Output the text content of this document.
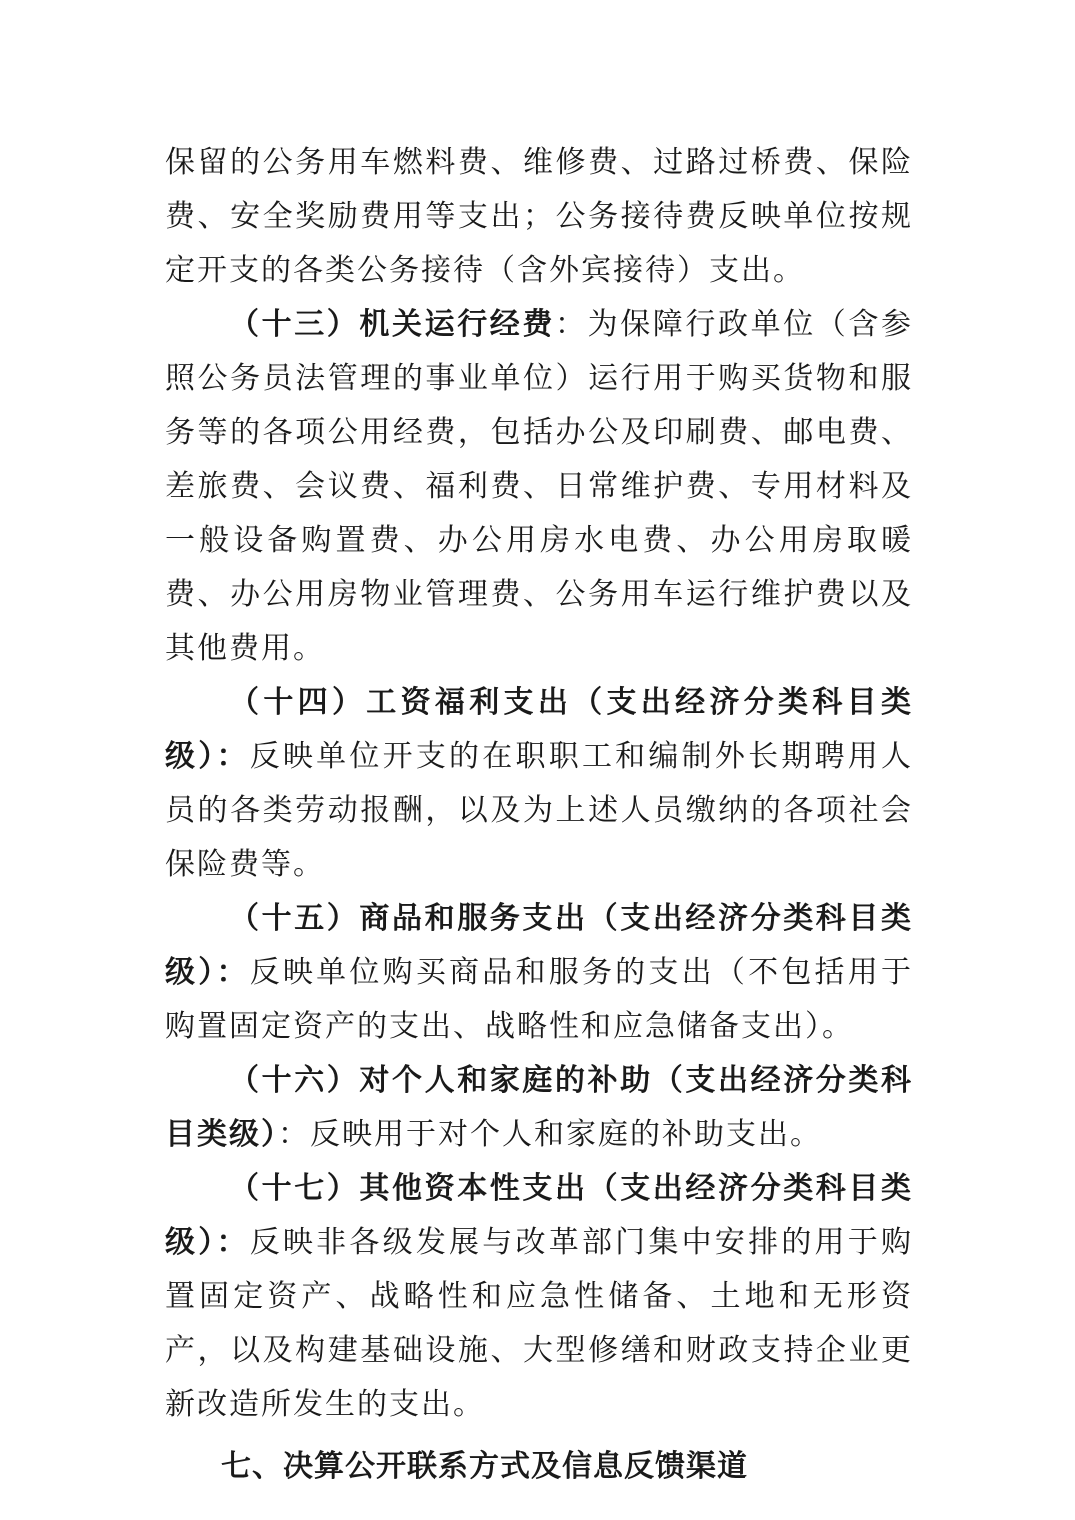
保留的公务用车燃料费、维修费、过路过桥费、保险费、安全奖励费用等支出；公务接待费反映单位按规定开支的各类公务接待（含外宾接待）支出。

（十三）机关运行经费：为保障行政单位（含参照公务员法管理的事业单位）运行用于购买货物和服务等的各项公用经费，包括办公及印刷费、邮电费、差旅费、会议费、福利费、日常维护费、专用材料及一般设备购置费、办公用房水电费、办公用房取暖费、办公用房物业管理费、公务用车运行维护费以及其他费用。

（十四）工资福利支出（支出经济分类科目类级）：反映单位开支的在职职工和编制外长期聘用人员的各类劳动报酬，以及为上述人员缴纳的各项社会保险费等。

（十五）商品和服务支出（支出经济分类科目类级）：反映单位购买商品和服务的支出（不包括用于购置固定资产的支出、战略性和应急储备支出）。

（十六）对个人和家庭的补助（支出经济分类科目类级）：反映用于对个人和家庭的补助支出。

（十七）其他资本性支出（支出经济分类科目类级）：反映非各级发展与改革部门集中安排的用于购置固定资产、战略性和应急性储备、土地和无形资产，以及构建基础设施、大型修缮和财政支持企业更新改造所发生的支出。

七、决算公开联系方式及信息反馈渠道
